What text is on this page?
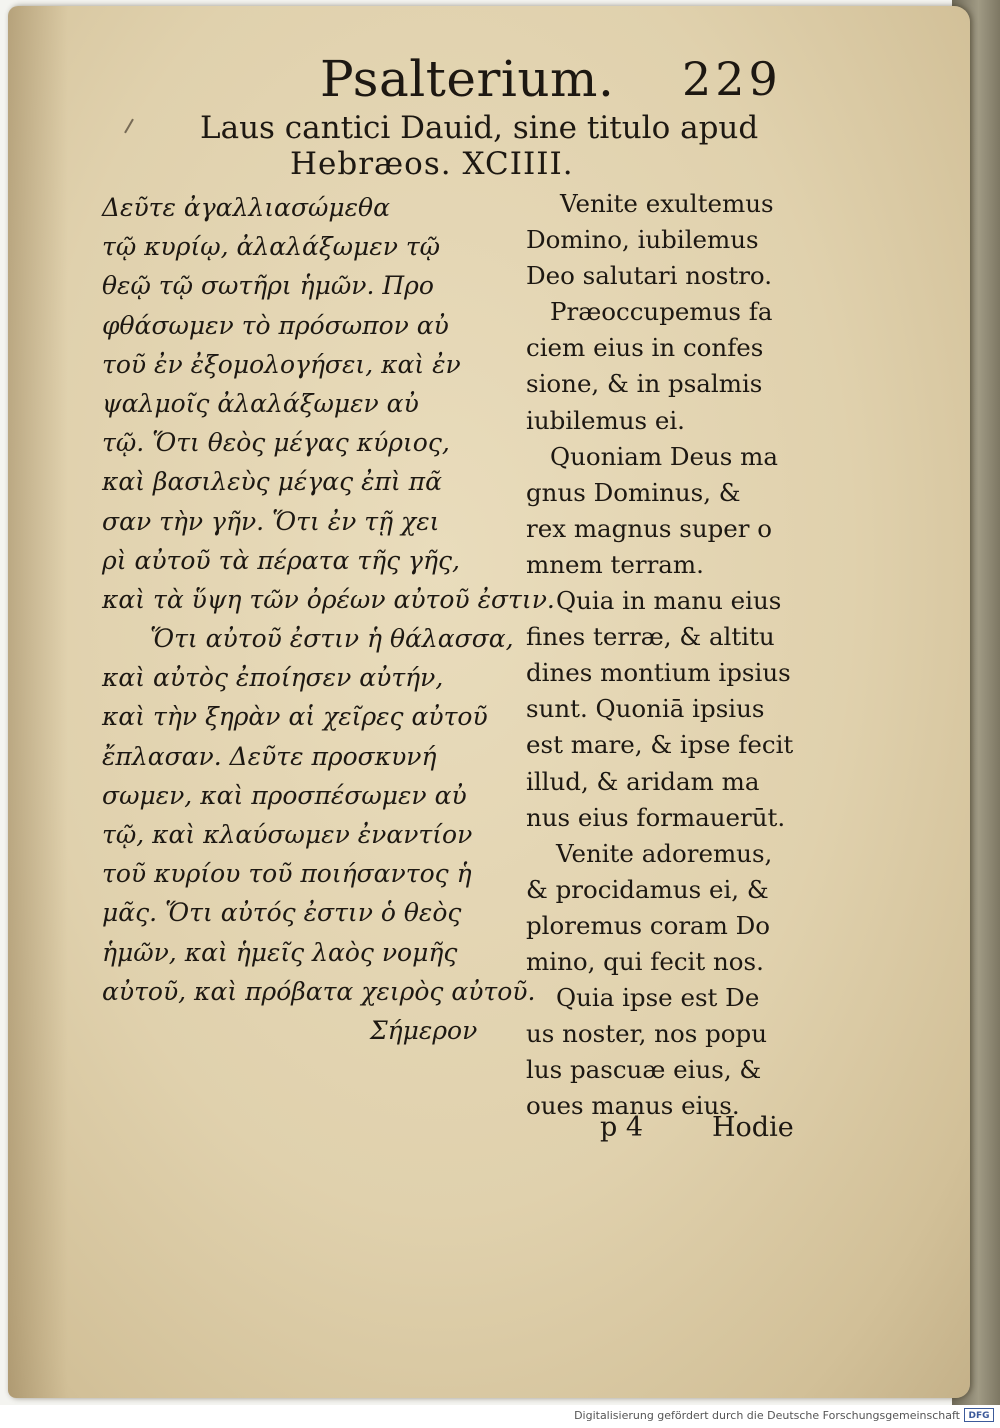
Psalterium. 229

Laus cantici Dauid, sine titulo apud

Hebræos. XCIIII.

Δεῦτε ἀγαλλιασώμεθα
τῷ κυρίῳ, ἀλαλάξωμεν τῷ
θεῷ τῷ σωτῆρι ἡμῶν. Προ
φθάσωμεν τὸ πρόσωπον αὐ
τοῦ ἐν ἐξομολογήσει, καὶ ἐν
ψαλμοῖς ἀλαλάξωμεν αὐ
τῷ. Ὅτι θεὸς μέγας κύριος,
καὶ βασιλεὺς μέγας ἐπὶ πᾶ
σαν τὴν γῆν. Ὅτι ἐν τῇ χει
ρὶ αὐτοῦ τὰ πέρατα τῆς γῆς,
καὶ τὰ ὕψη τῶν ὀρέων αὐτοῦ ἐστιν.
Ὅτι αὐτοῦ ἐστιν ἡ θάλασσα,
καὶ αὐτὸς ἐποίησεν αὐτήν,
καὶ τὴν ξηρὰν αἱ χεῖρες αὐτοῦ
ἔπλασαν. Δεῦτε προσκυνή
σωμεν, καὶ προσπέσωμεν αὐ
τῷ, καὶ κλαύσωμεν ἐναντίον
τοῦ κυρίου τοῦ ποιήσαντος ἡ
μᾶς. Ὅτι αὐτός ἐστιν ὁ θεὸς
ἡμῶν, καὶ ἡμεῖς λαὸς νομῆς
αὐτοῦ, καὶ πρόβατα χειρὸς αὐτοῦ.
Σήμερον
Venite exultemus
Domino, iubilemus
Deo salutari nostro.
Præoccupemus fa
ciem eius in confes
sione, & in psalmis
iubilemus ei.
Quoniam Deus ma
gnus Dominus, &
rex magnus super o
mnem terram.
Quia in manu eius
fines terræ, & altitu
dines montium ipsius
sunt. Quoniā ipsius
est mare, & ipse fecit
illud, & aridam ma
nus eius formauerūt.
Venite adoremus,
& procidamus ei, &
ploremus coram Do
mino, qui fecit nos.
Quia ipse est De
us noster, nos popu
lus pascuæ eius, &
oues manus eius.

p 4	Hodie

Digitalisierung gefördert durch die Deutsche Forschungsgemeinschaft DFG
